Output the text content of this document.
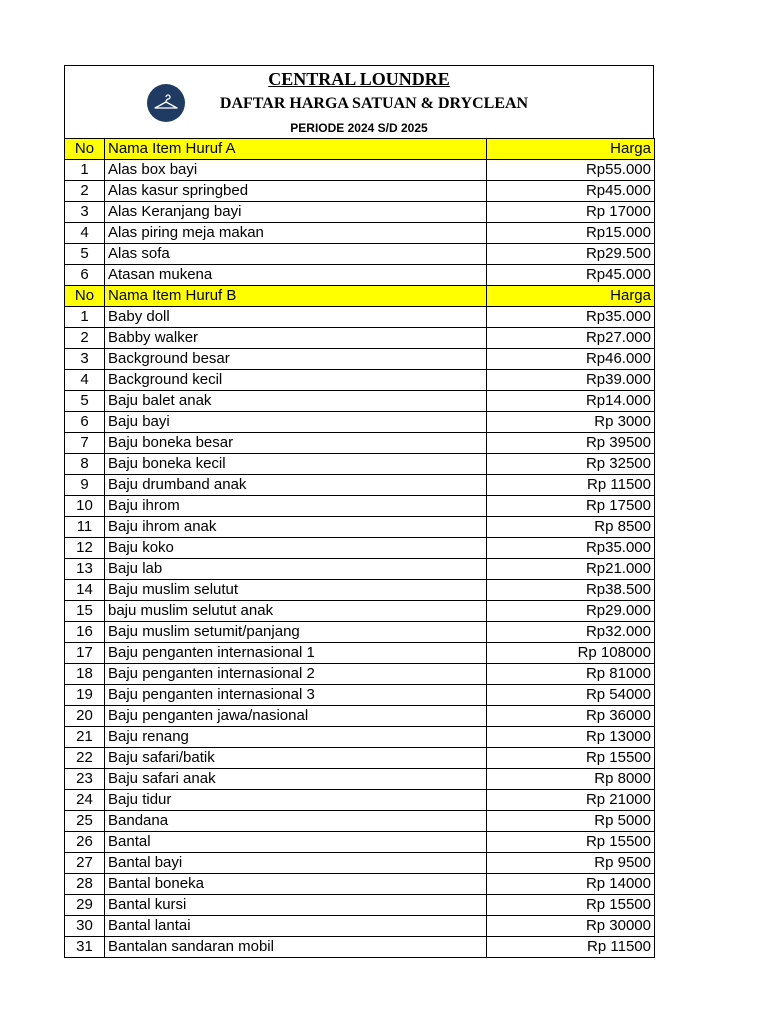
CENTRAL LOUNDRE
DAFTAR HARGA SATUAN & DRYCLEAN
PERIODE 2024 S/D 2025
No	Nama Item Huruf A	Harga
1	Alas box bayi	Rp55.000
2	Alas kasur springbed	Rp45.000
3	Alas Keranjang bayi	Rp 17000
4	Alas piring meja makan	Rp15.000
5	Alas sofa	Rp29.500
6	Atasan mukena	Rp45.000
No	Nama Item Huruf B	Harga
1	Baby doll	Rp35.000
2	Babby walker	Rp27.000
3	Background besar	Rp46.000
4	Background kecil	Rp39.000
5	Baju balet anak	Rp14.000
6	Baju bayi	Rp 3000
7	Baju boneka besar	Rp 39500
8	Baju boneka kecil	Rp 32500
9	Baju drumband anak	Rp 11500
10	Baju ihrom	Rp 17500
11	Baju ihrom anak	Rp 8500
12	Baju koko	Rp35.000
13	Baju lab	Rp21.000
14	Baju muslim selutut	Rp38.500
15	baju muslim selutut anak	Rp29.000
16	Baju muslim setumit/panjang	Rp32.000
17	Baju penganten internasional 1	Rp 108000
18	Baju penganten internasional 2	Rp 81000
19	Baju penganten internasional 3	Rp 54000
20	Baju penganten jawa/nasional	Rp 36000
21	Baju renang	Rp 13000
22	Baju safari/batik	Rp 15500
23	Baju safari anak	Rp 8000
24	Baju tidur	Rp 21000
25	Bandana	Rp 5000
26	Bantal	Rp 15500
27	Bantal bayi	Rp 9500
28	Bantal boneka	Rp 14000
29	Bantal kursi	Rp 15500
30	Bantal lantai	Rp 30000
31	Bantalan sandaran mobil	Rp 11500
